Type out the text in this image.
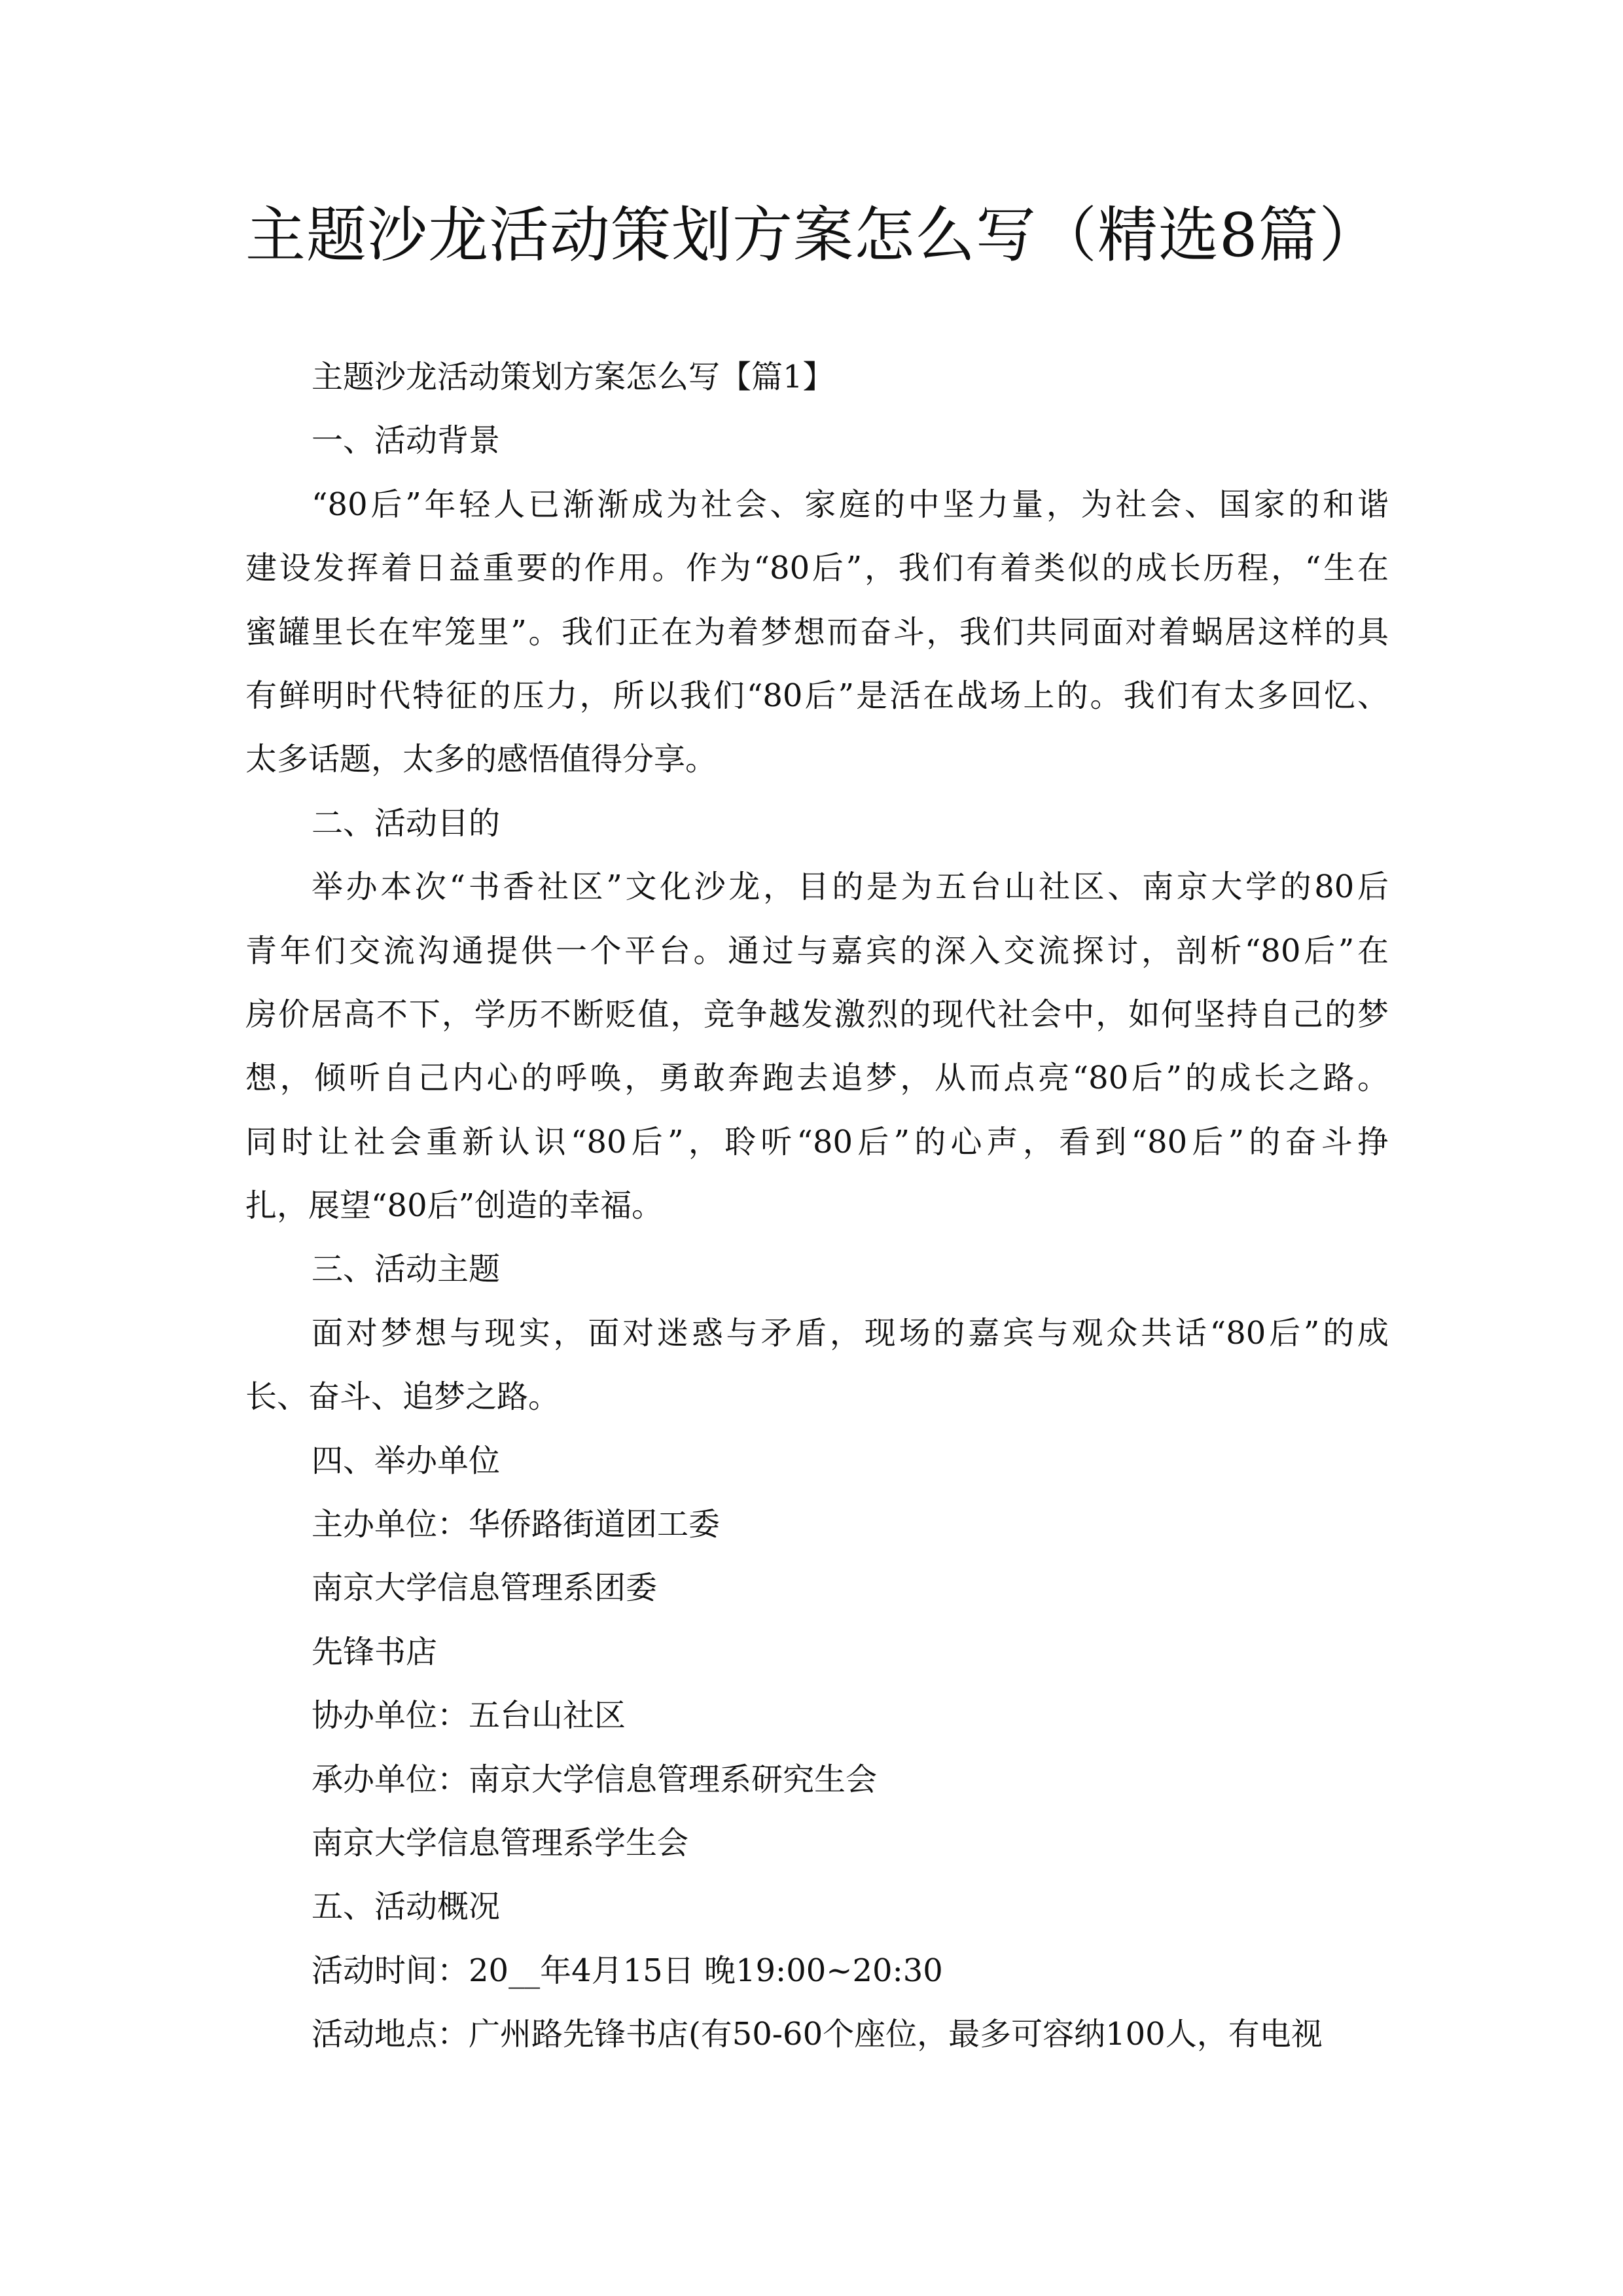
主题沙龙活动策划方案怎么写（精选8篇）
主题沙龙活动策划方案怎么写【篇1】
一、活动背景
“80后”年轻人已渐渐成为社会、家庭的中坚力量，为社会、国家的和谐
建设发挥着日益重要的作用。作为“80后”，我们有着类似的成长历程，“生在
蜜罐里长在牢笼里”。我们正在为着梦想而奋斗，我们共同面对着蜗居这样的具
有鲜明时代特征的压力，所以我们“80后”是活在战场上的。我们有太多回忆、
太多话题，太多的感悟值得分享。
二、活动目的
举办本次“书香社区”文化沙龙，目的是为五台山社区、南京大学的80后
青年们交流沟通提供一个平台。通过与嘉宾的深入交流探讨，剖析“80后”在
房价居高不下，学历不断贬值，竞争越发激烈的现代社会中，如何坚持自己的梦
想，倾听自己内心的呼唤，勇敢奔跑去追梦，从而点亮“80后”的成长之路。
同时让社会重新认识“80后”，聆听“80后”的心声，看到“80后”的奋斗挣
扎，展望“80后”创造的幸福。
三、活动主题
面对梦想与现实，面对迷惑与矛盾，现场的嘉宾与观众共话“80后”的成
长、奋斗、追梦之路。
四、举办单位
主办单位：华侨路街道团工委
南京大学信息管理系团委
先锋书店
协办单位：五台山社区
承办单位：南京大学信息管理系研究生会
南京大学信息管理系学生会
五、活动概况
活动时间：20__年4月15日 晚19:00~20:30
活动地点：广州路先锋书店(有50-60个座位，最多可容纳100人，有电视
